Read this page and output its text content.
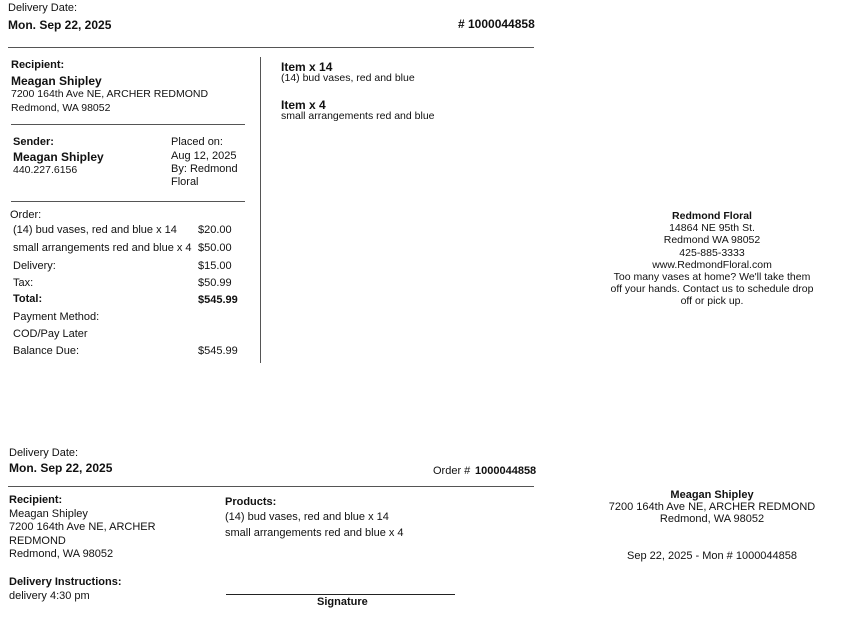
Delivery Date:
Mon. Sep 22, 2025	# 1000044858
Recipient:
Meagan Shipley
7200 164th Ave NE, ARCHER REDMOND
Redmond, WA 98052
Sender:
Meagan Shipley
440.227.6156
Placed on:
Aug 12, 2025
By: Redmond
Floral
Order:
(14) bud vases, red and blue x 14 $20.00
small arrangements red and blue x 4 $50.00
Delivery:	$15.00
Tax:	$50.99
Total:	$545.99
Payment Method:
COD/Pay Later
Balance Due:	$545.99
Item x 14
(14) bud vases, red and blue
Item x 4
small arrangements red and blue
Redmond Floral
14864 NE 95th St.
Redmond WA 98052
425-885-3333
www.RedmondFloral.com
Too many vases at home? We'll take them
off your hands. Contact us to schedule drop
off or pick up.
Delivery Date:
Mon. Sep 22, 2025	Order # 1000044858
Recipient:
Meagan Shipley
7200 164th Ave NE, ARCHER
REDMOND
Redmond, WA 98052
Delivery Instructions:
delivery 4:30 pm
Products:
(14) bud vases, red and blue x 14
small arrangements red and blue x 4
Signature
Meagan Shipley
7200 164th Ave NE, ARCHER REDMOND
Redmond, WA 98052
Sep 22, 2025 - Mon # 1000044858
